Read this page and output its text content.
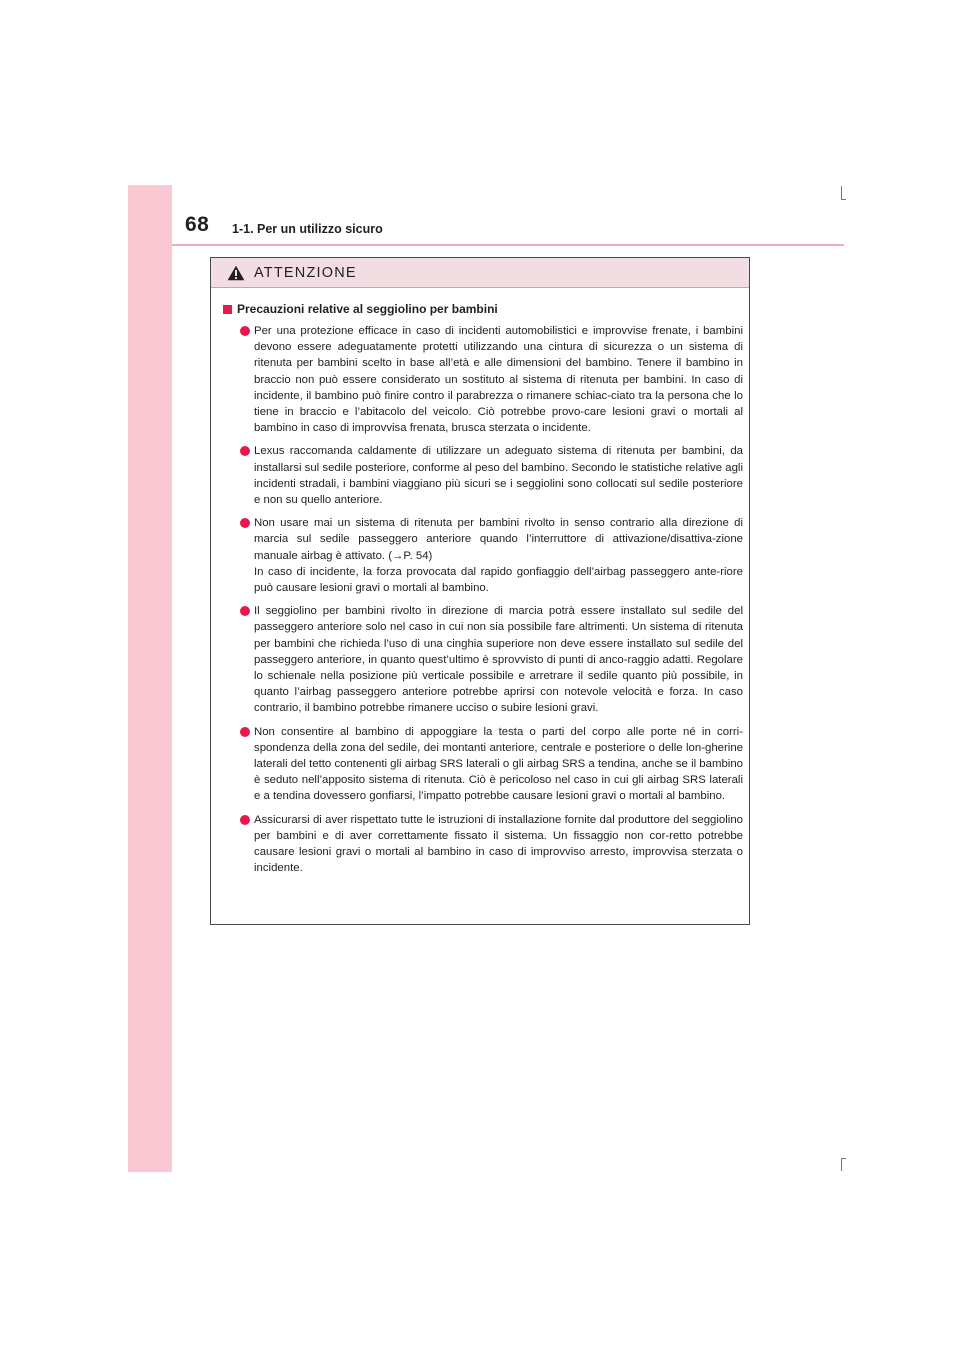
68 1-1. Per un utilizzo sicuro
ATTENZIONE
Precauzioni relative al seggiolino per bambini

Per una protezione efficace in caso di incidenti automobilistici e improvvise frenate, i bambini devono essere adeguatamente protetti utilizzando una cintura di sicurezza o un sistema di ritenuta per bambini scelto in base all’età e alle dimensioni del bambino. Tenere il bambino in braccio non può essere considerato un sostituto al sistema di ritenuta per bambini. In caso di incidente, il bambino può finire contro il parabrezza o rimanere schiac-ciato tra la persona che lo tiene in braccio e l’abitacolo del veicolo. Ciò potrebbe provo-care lesioni gravi o mortali al bambino in caso di improvvisa frenata, brusca sterzata o incidente.

Lexus raccomanda caldamente di utilizzare un adeguato sistema di ritenuta per bambini, da installarsi sul sedile posteriore, conforme al peso del bambino. Secondo le statistiche relative agli incidenti stradali, i bambini viaggiano più sicuri se i seggiolini sono collocati sul sedile posteriore e non su quello anteriore.

Non usare mai un sistema di ritenuta per bambini rivolto in senso contrario alla direzione di marcia sul sedile passeggero anteriore quando l’interruttore di attivazione/disattiva-zione manuale airbag è attivato. (→P. 54)

In caso di incidente, la forza provocata dal rapido gonfiaggio dell’airbag passeggero ante-riore può causare lesioni gravi o mortali al bambino.

Il seggiolino per bambini rivolto in direzione di marcia potrà essere installato sul sedile del passeggero anteriore solo nel caso in cui non sia possibile fare altrimenti. Un sistema di ritenuta per bambini che richieda l’uso di una cinghia superiore non deve essere installato sul sedile del passeggero anteriore, in quanto quest’ultimo è sprovvisto di punti di anco-raggio adatti. Regolare lo schienale nella posizione più verticale possibile e arretrare il sedile quanto più possibile, in quanto l’airbag passeggero anteriore potrebbe aprirsi con notevole velocità e forza. In caso contrario, il bambino potrebbe rimanere ucciso o subire lesioni gravi.

Non consentire al bambino di appoggiare la testa o parti del corpo alle porte né in corri-spondenza della zona del sedile, dei montanti anteriore, centrale e posteriore o delle lon-gherine laterali del tetto contenenti gli airbag SRS laterali o gli airbag SRS a tendina, anche se il bambino è seduto nell’apposito sistema di ritenuta. Ciò è pericoloso nel caso in cui gli airbag SRS laterali e a tendina dovessero gonfiarsi, l’impatto potrebbe causare lesioni gravi o mortali al bambino.

Assicurarsi di aver rispettato tutte le istruzioni di installazione fornite dal produttore del seggiolino per bambini e di aver correttamente fissato il sistema. Un fissaggio non cor-retto potrebbe causare lesioni gravi o mortali al bambino in caso di improvviso arresto, improvvisa sterzata o incidente.
